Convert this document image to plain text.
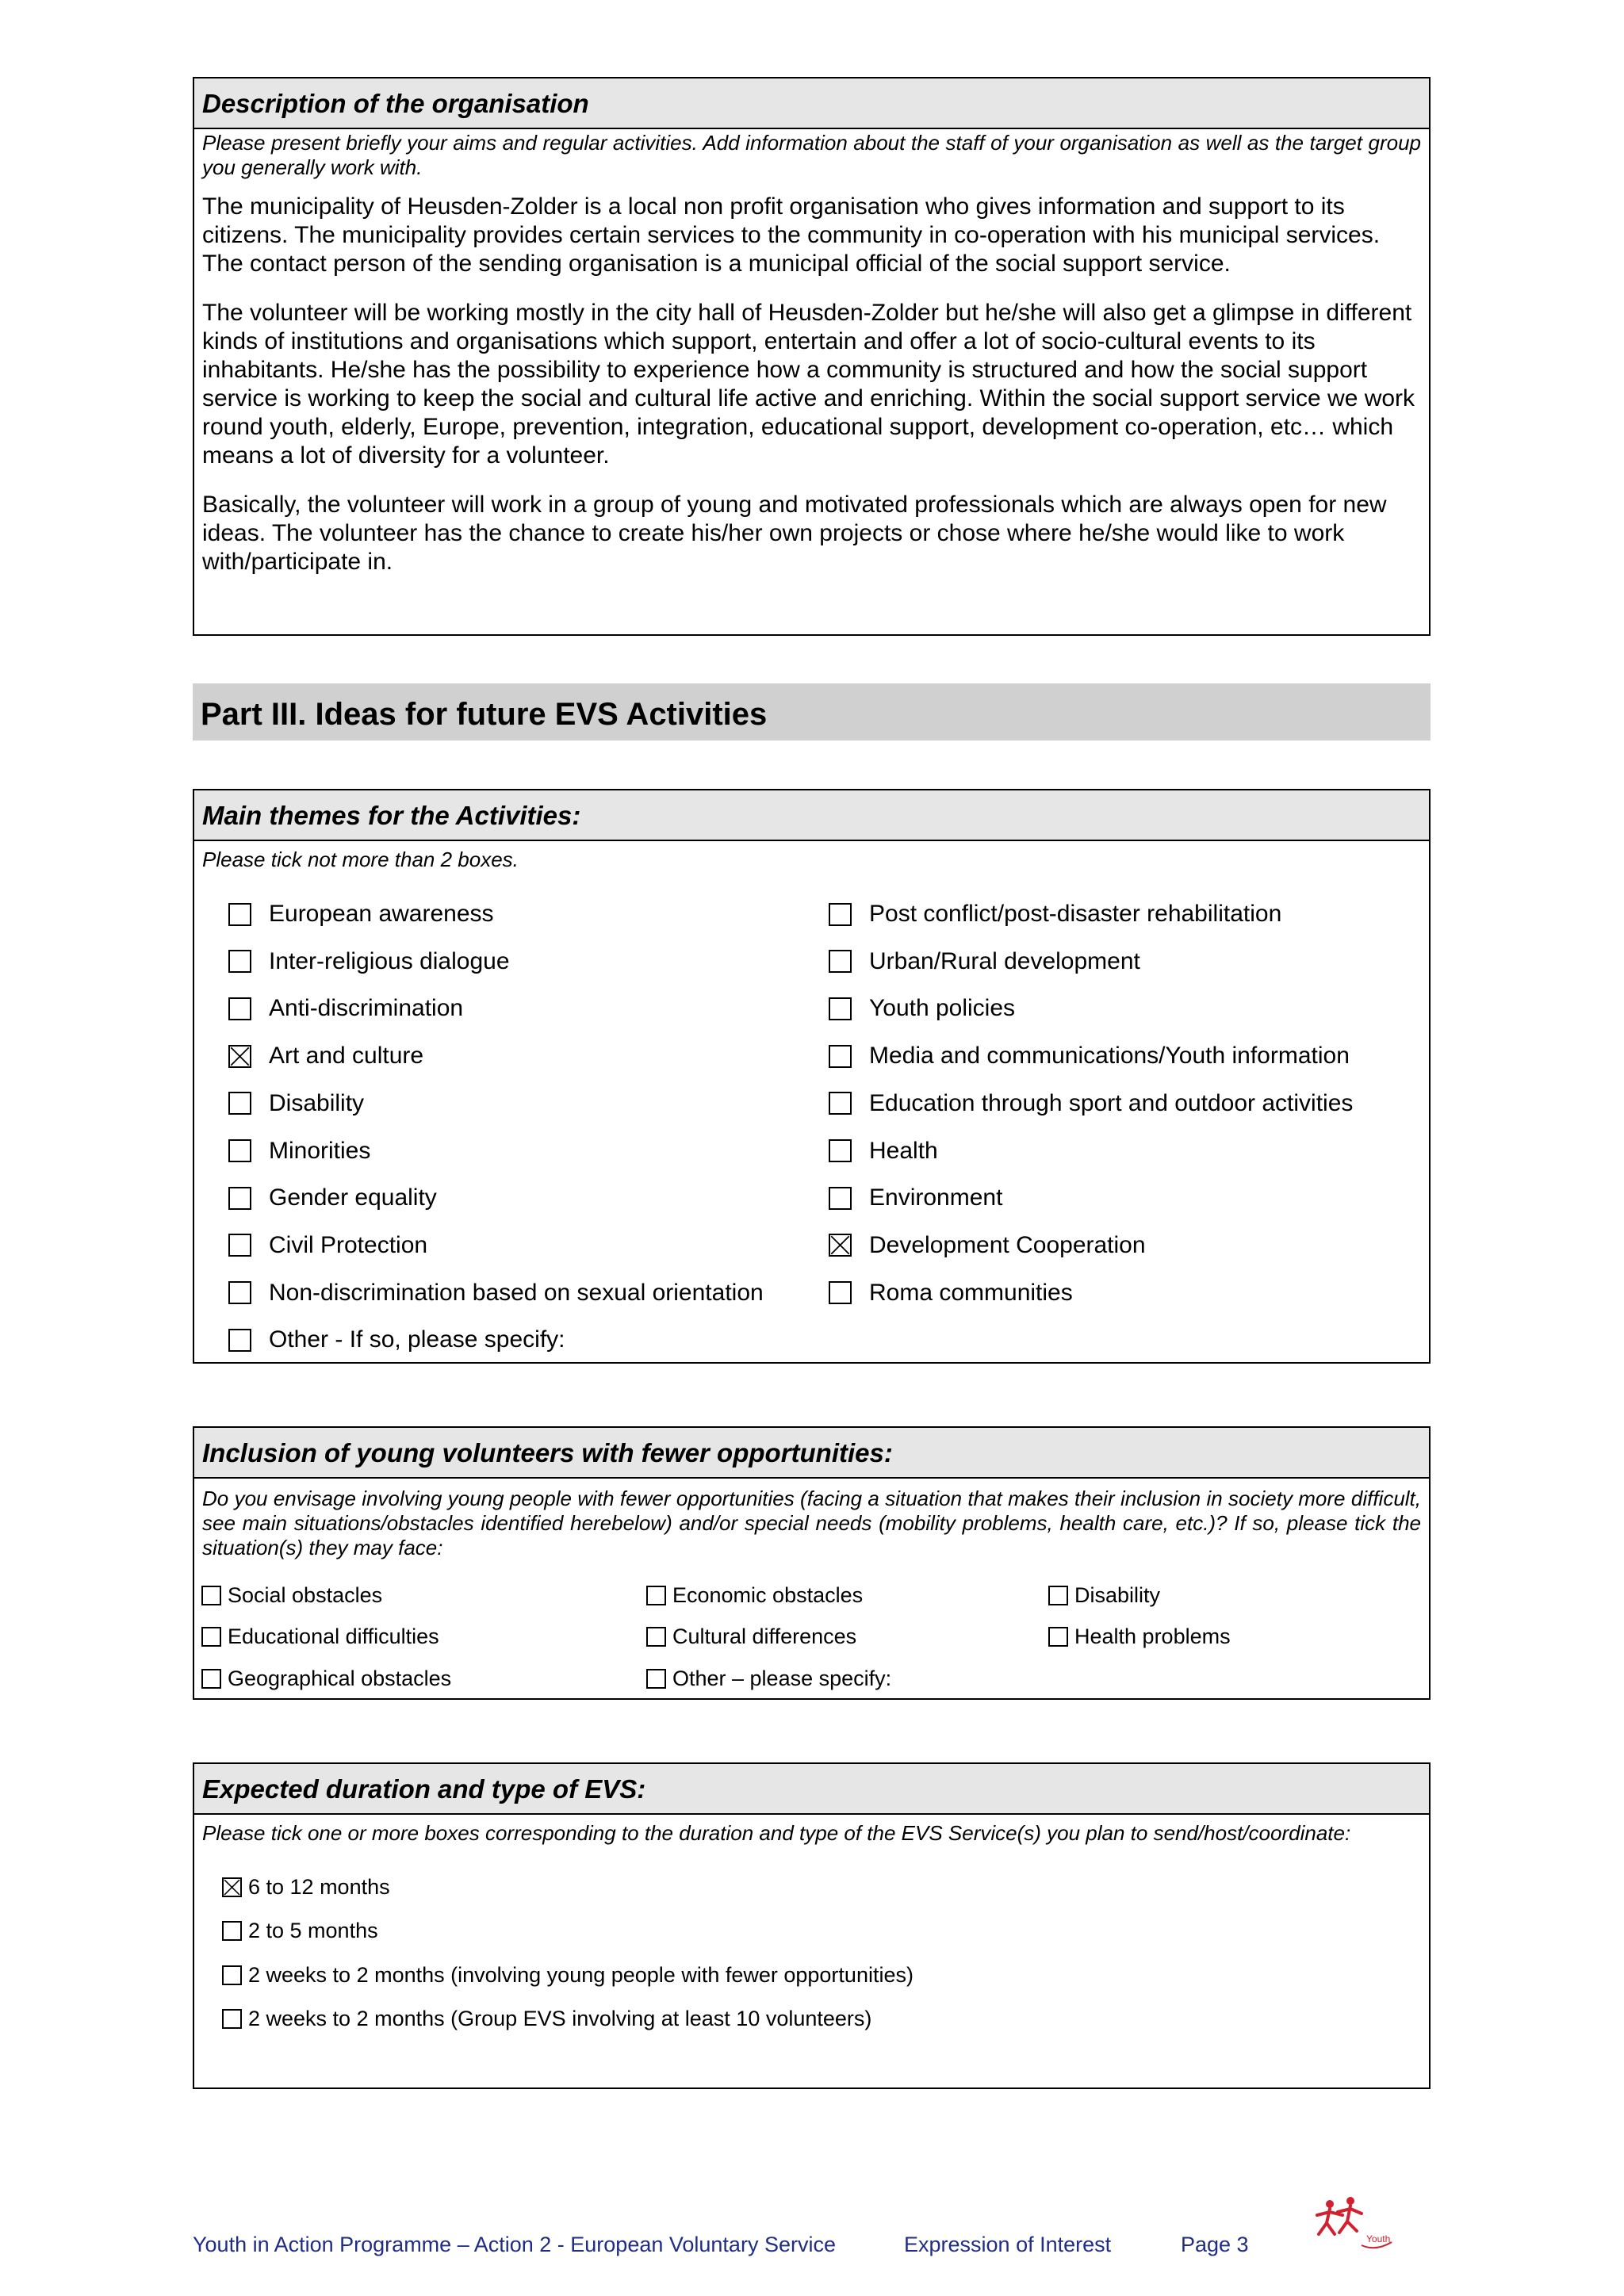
Description of the organisation
Please present briefly your aims and regular activities. Add information about the staff of your organisation as well as the target group you generally work with.

The municipality of Heusden-Zolder is a local non profit organisation who gives information and support to its citizens. The municipality provides certain services to the community in co-operation with his municipal services. The contact person of the sending organisation is a municipal official of the social support service.

The volunteer will be working mostly in the city hall of Heusden-Zolder but he/she will also get a glimpse in different kinds of institutions and organisations which support, entertain and offer a lot of socio-cultural events to its inhabitants. He/she has the possibility to experience how a community is structured and how the social support service is working to keep the social and cultural life active and enriching. Within the social support service we work round youth, elderly, Europe, prevention, integration, educational support, development co-operation, etc… which means a lot of diversity for a volunteer.

Basically, the volunteer will work in a group of young and motivated professionals which are always open for new ideas. The volunteer has the chance to create his/her own projects or chose where he/she would like to work with/participate in.

Part III. Ideas for future EVS Activities
Main themes for the Activities:
Please tick not more than 2 boxes.
European awareness
Inter-religious dialogue
Anti-discrimination
Art and culture
Disability
Minorities
Gender equality
Civil Protection
Non-discrimination based on sexual orientation
Other - If so, please specify:
Post conflict/post-disaster rehabilitation
Urban/Rural development
Youth policies
Media and communications/Youth information
Education through sport and outdoor activities
Health
Environment
Development Cooperation
Roma communities
Inclusion of young volunteers with fewer opportunities:
Do you envisage involving young people with fewer opportunities (facing a situation that makes their inclusion in society more difficult, see main situations/obstacles identified herebelow) and/or special needs (mobility problems, health care, etc.)? If so, please tick the situation(s) they may face:
Social obstacles
Educational difficulties
Geographical obstacles
Economic obstacles
Cultural differences
Other – please specify:
Disability
Health problems
Expected duration and type of EVS:
Please tick one or more boxes corresponding to the duration and type of the EVS Service(s) you plan to send/host/coordinate:
6 to 12 months
2 to 5 months
2 weeks to 2 months (involving young people with fewer opportunities)
2 weeks to 2 months (Group EVS involving at least 10 volunteers)
Youth in Action Programme – Action 2 - European Voluntary Service	Expression of Interest	Page 3	Youth
